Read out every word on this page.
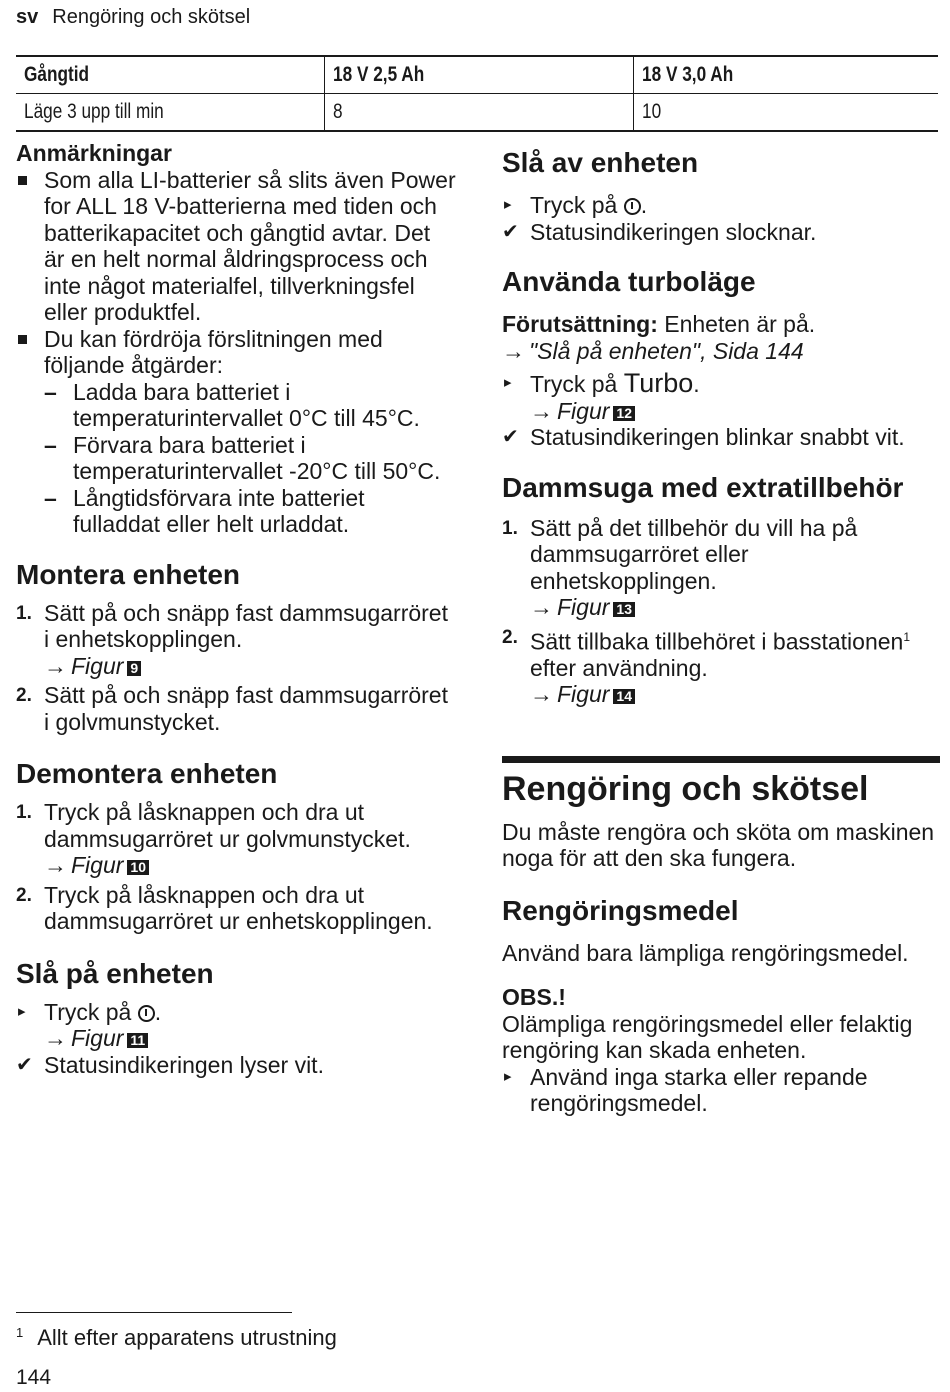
sv Rengöring och skötsel
Gångtid	18 V 2,5 Ah	18 V 3,0 Ah
Läge 3 upp till min	8	10
Anmärkningar
Som alla LI-batterier så slits även Power for ALL 18 V-batterierna med tiden och batterikapacitet och gångtid avtar. Det är en helt normal åldringsprocess och inte något materialfel, tillverkningsfel eller produktfel.
Du kan fördröja förslitningen med följande åtgärder:
– Ladda bara batteriet i temperaturintervallet 0°C till 45°C.
– Förvara bara batteriet i temperaturintervallet -20°C till 50°C.
– Långtidsförvara inte batteriet fulladdat eller helt urladdat.
Montera enheten
1. Sätt på och snäpp fast dammsugarröret i enhetskopplingen.
→ Figur 9
2. Sätt på och snäpp fast dammsugarröret i golvmunstycket.
Demontera enheten
1. Tryck på låsknappen och dra ut dammsugarröret ur golvmunstycket.
→ Figur 10
2. Tryck på låsknappen och dra ut dammsugarröret ur enhetskopplingen.
Slå på enheten
▸ Tryck på .
→ Figur 11
✔ Statusindikeringen lyser vit.
Slå av enheten
▸ Tryck på .
✔ Statusindikeringen slocknar.
Använda turboläge

Förutsättning: Enheten är på.

→ "Slå på enheten", Sida 144
▸ Tryck på Turbo.
→ Figur 12
✔ Statusindikeringen blinkar snabbt vit.
Dammsuga med extratillbehör
1. Sätt på det tillbehör du vill ha på dammsugarröret eller enhetskopplingen.
→ Figur 13
2. Sätt tillbaka tillbehöret i basstationen$^1$ efter användning.
→ Figur 14
Rengöring och skötsel

Du måste rengöra och sköta om maskinen noga för att den ska fungera.

Rengöringsmedel

Använd bara lämpliga rengöringsmedel.

OBS.!

Olämpliga rengöringsmedel eller felaktig rengöring kan skada enheten.

▸ Använd inga starka eller repande rengöringsmedel.
$^1$ Allt efter apparatens utrustning
144
